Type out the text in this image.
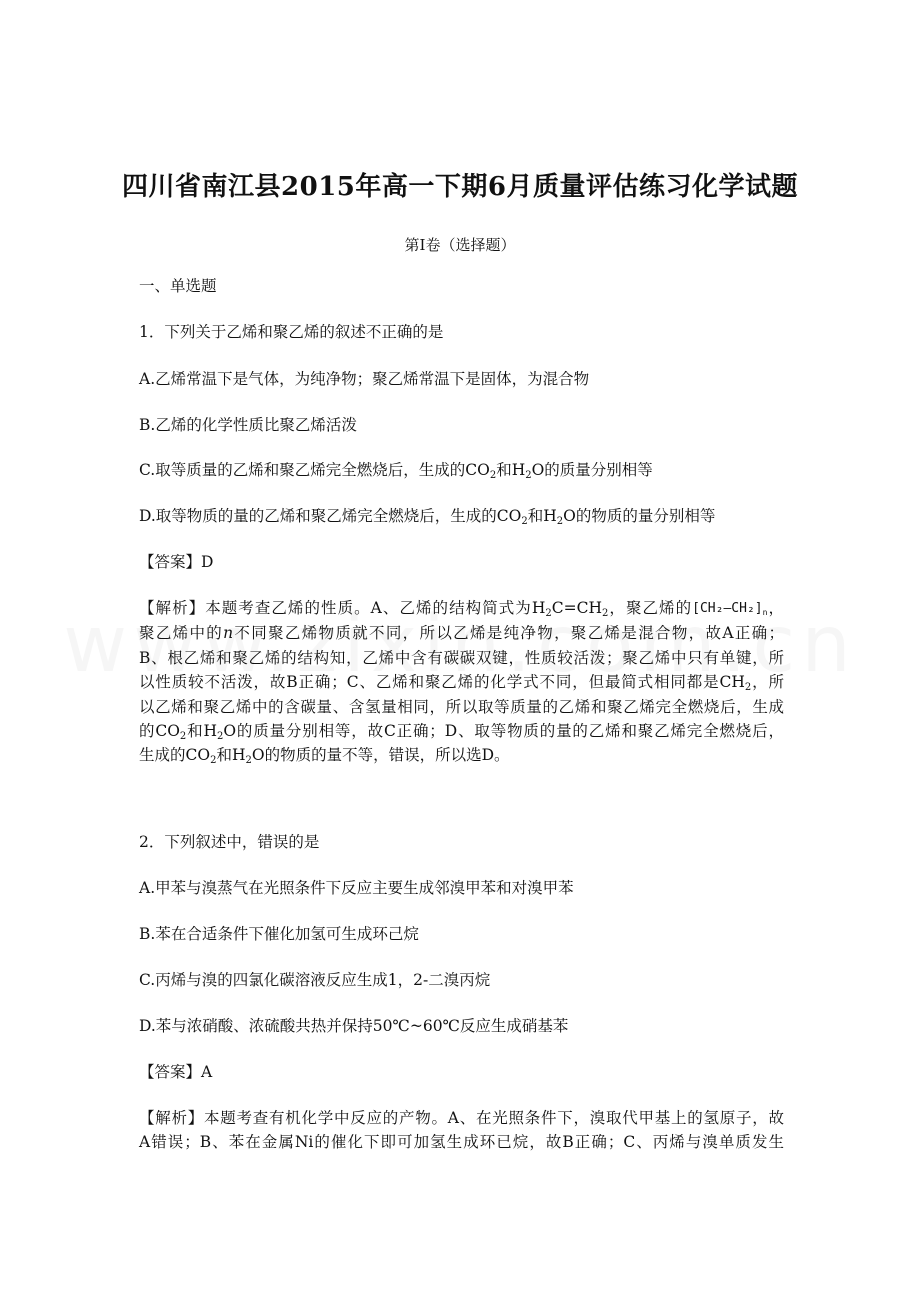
四川省南江县2015年高一下期6月质量评估练习化学试题
第I卷（选择题）
一、单选题
1．下列关于乙烯和聚乙烯的叙述不正确的是
A.乙烯常温下是气体，为纯净物；聚乙烯常温下是固体，为混合物
B.乙烯的化学性质比聚乙烯活泼
C.取等质量的乙烯和聚乙烯完全燃烧后，生成的$CO_2$和$H_2O$的质量分别相等
D.取等物质的量的乙烯和聚乙烯完全燃烧后，生成的$CO_2$和$H_2O$的物质的量分别相等
【答案】D
【解析】本题考查乙烯的性质。A、乙烯的结构简式为$H_2C=CH_2$，聚乙烯的$[CH_2—CH_2]_n$，
聚乙烯中的n不同聚乙烯物质就不同，所以乙烯是纯净物，聚乙烯是混合物，故A正确；
B、根乙烯和聚乙烯的结构知，乙烯中含有碳碳双键，性质较活泼；聚乙烯中只有单键，所
以性质较不活泼，故B正确；C、乙烯和聚乙烯的化学式不同，但最简式相同都是$CH_2$，所
以乙烯和聚乙烯中的含碳量、含氢量相同，所以取等质量的乙烯和聚乙烯完全燃烧后，生成
的$CO_2$和$H_2O$的质量分别相等，故C正确；D、取等物质的量的乙烯和聚乙烯完全燃烧后，
生成的$CO_2$和$H_2O$的物质的量不等，错误，所以选D。
2．下列叙述中，错误的是
A.甲苯与溴蒸气在光照条件下反应主要生成邻溴甲苯和对溴甲苯
B.苯在合适条件下催化加氢可生成环己烷
C.丙烯与溴的四氯化碳溶液反应生成1，2-二溴丙烷
D.苯与浓硝酸、浓硫酸共热并保持50℃~60℃反应生成硝基苯
【答案】A
【解析】本题考查有机化学中反应的产物。A、在光照条件下，溴取代甲基上的氢原子，故
A错误；B、苯在金属Ni的催化下即可加氢生成环已烷，故B正确；C、丙烯与溴单质发生
